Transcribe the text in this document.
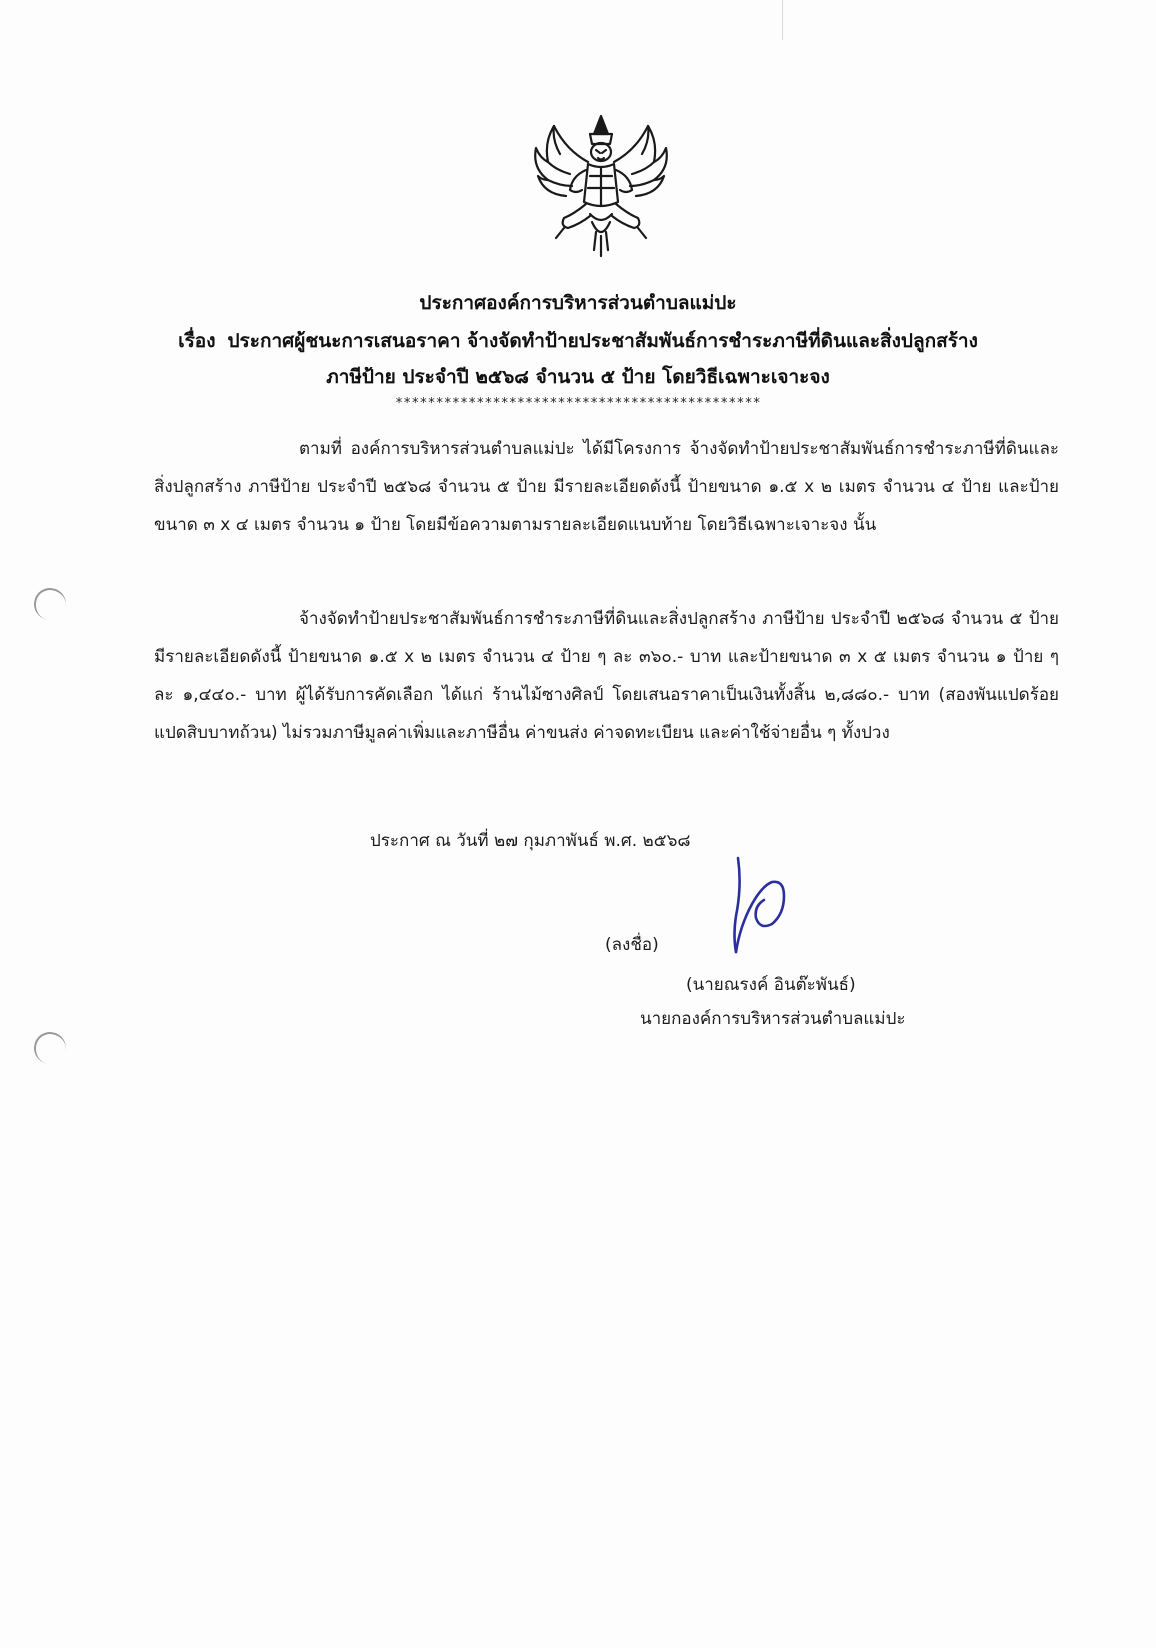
ประกาศองค์การบริหารส่วนตำบลแม่ปะ
เรื่อง ประกาศผู้ชนะการเสนอราคา จ้างจัดทำป้ายประชาสัมพันธ์การชำระภาษีที่ดินและสิ่งปลูกสร้าง
ภาษีป้าย ประจำปี ๒๕๖๘ จำนวน ๕ ป้าย โดยวิธีเฉพาะเจาะจง
*********************************************
ตามที่ องค์การบริหารส่วนตำบลแม่ปะ ได้มีโครงการ จ้างจัดทำป้ายประชาสัมพันธ์การชำระภาษีที่ดินและสิ่งปลูกสร้าง ภาษีป้าย ประจำปี ๒๕๖๘ จำนวน ๕ ป้าย มีรายละเอียดดังนี้ ป้ายขนาด ๑.๕ x ๒ เมตร จำนวน ๔ ป้าย และป้ายขนาด ๓ x ๔ เมตร จำนวน ๑ ป้าย โดยมีข้อความตามรายละเอียดแนบท้าย โดยวิธีเฉพาะเจาะจง นั้น
จ้างจัดทำป้ายประชาสัมพันธ์การชำระภาษีที่ดินและสิ่งปลูกสร้าง ภาษีป้าย ประจำปี ๒๕๖๘ จำนวน ๕ ป้าย มีรายละเอียดดังนี้ ป้ายขนาด ๑.๕ x ๒ เมตร จำนวน ๔ ป้าย ๆ ละ ๓๖๐.- บาท และป้ายขนาด ๓ x ๕ เมตร จำนวน ๑ ป้าย ๆ ละ ๑,๔๔๐.- บาท ผู้ได้รับการคัดเลือก ได้แก่ ร้านไม้ซางศิลป์ โดยเสนอราคาเป็นเงินทั้งสิ้น ๒,๘๘๐.- บาท (สองพันแปดร้อยแปดสิบบาทถ้วน) ไม่รวมภาษีมูลค่าเพิ่มและภาษีอื่น ค่าขนส่ง ค่าจดทะเบียน และค่าใช้จ่ายอื่น ๆ ทั้งปวง
ประกาศ ณ วันที่ ๒๗ กุมภาพันธ์ พ.ศ. ๒๕๖๘
(ลงชื่อ)
(นายณรงค์ อินต๊ะพันธ์)
นายกองค์การบริหารส่วนตำบลแม่ปะ
